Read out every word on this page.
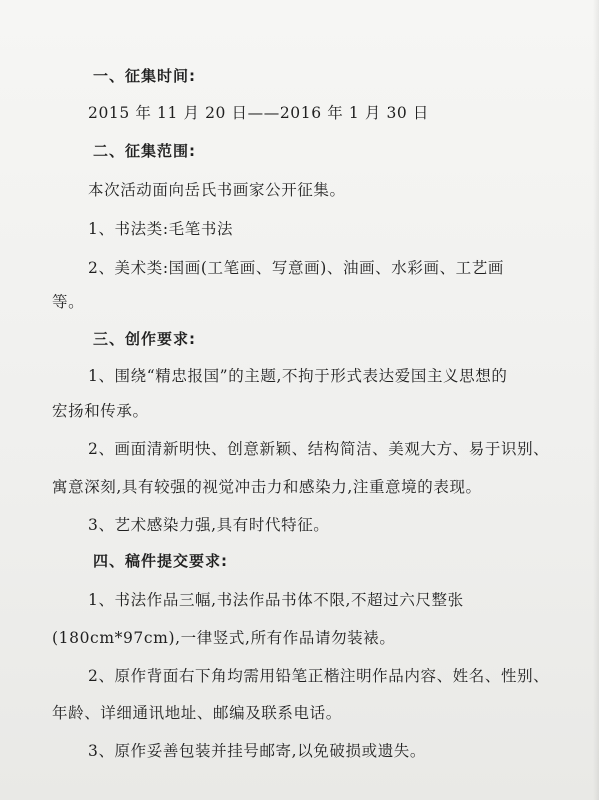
一、征集时间:
2015 年 11 月 20 日——2016 年 1 月 30 日
二、征集范围:
本次活动面向岳氏书画家公开征集。
1、书法类:毛笔书法
2、美术类:国画(工笔画、写意画)、油画、水彩画、工艺画
等。
三、创作要求:
1、围绕“精忠报国”的主题,不拘于形式表达爱国主义思想的
宏扬和传承。
2、画面清新明快、创意新颖、结构简洁、美观大方、易于识别、
寓意深刻,具有较强的视觉冲击力和感染力,注重意境的表现。
3、艺术感染力强,具有时代特征。
四、稿件提交要求:
1、书法作品三幅,书法作品书体不限,不超过六尺整张
(180cm*97cm),一律竖式,所有作品请勿装裱。
2、原作背面右下角均需用铅笔正楷注明作品内容、姓名、性别、
年龄、详细通讯地址、邮编及联系电话。
3、原作妥善包装并挂号邮寄,以免破损或遗失。
